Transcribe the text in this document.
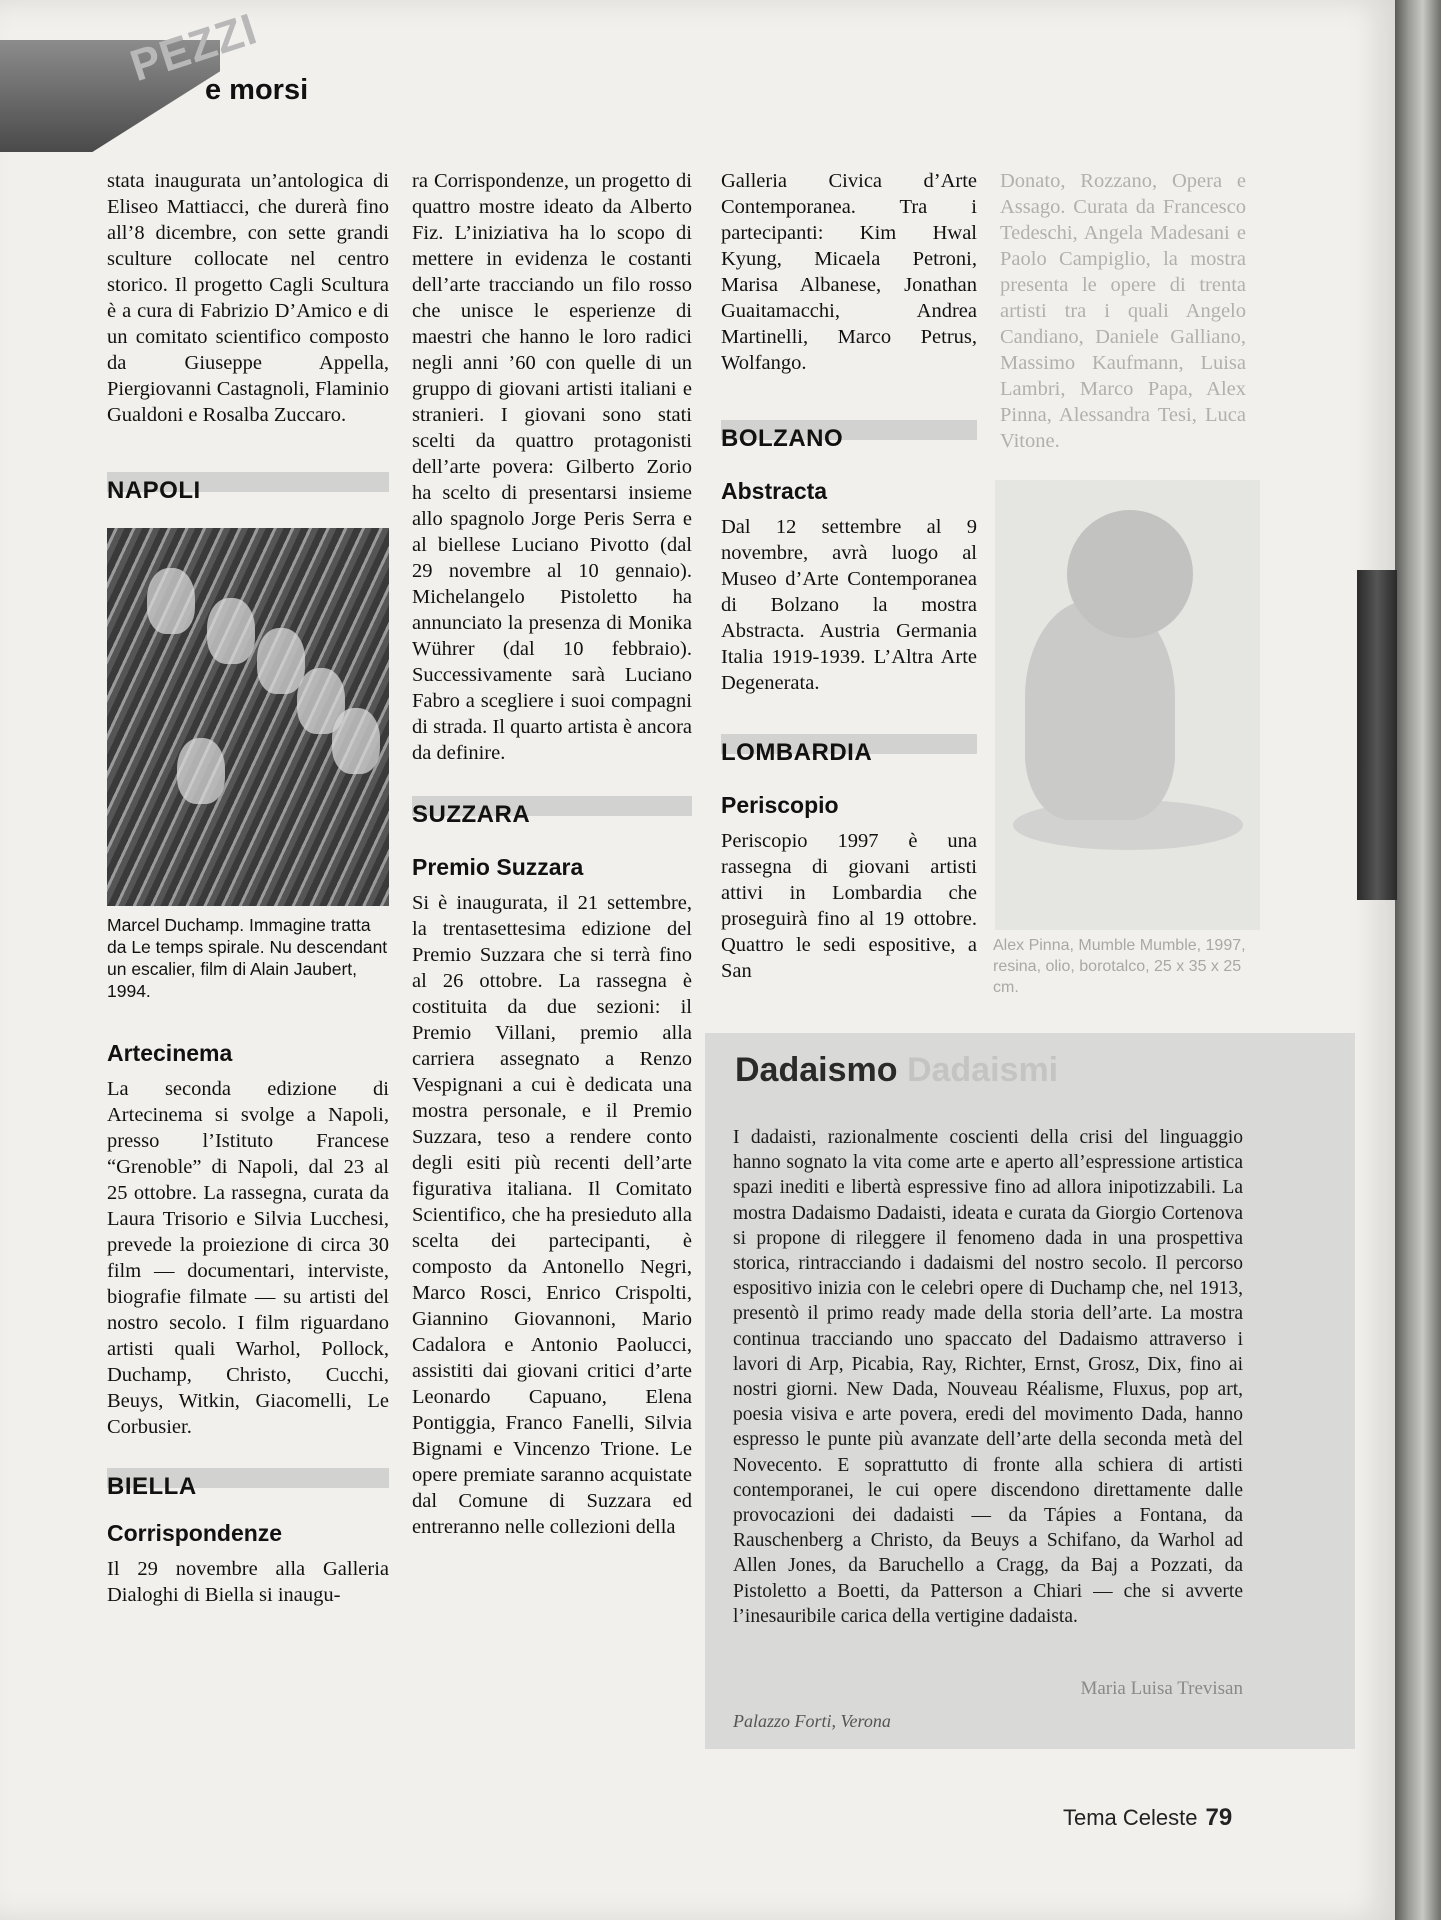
PEZZI
e morsi

stata inaugurata un’antologica di Eliseo Mattiacci, che durerà fino all’8 dicembre, con sette grandi sculture collocate nel centro storico. Il progetto Cagli Scultura è a cura di Fabrizio D’Amico e di un comitato scientifico composto da Giuseppe Appella, Piergiovanni Castagnoli, Flaminio Gualdoni e Rosalba Zuccaro.

NAPOLI
Marcel Duchamp. Immagine tratta da Le temps spirale. Nu descendant un escalier, film di Alain Jaubert, 1994.
Artecinema

La seconda edizione di Artecinema si svolge a Napoli, presso l’Istituto Francese “Grenoble” di Napoli, dal 23 al 25 ottobre. La rassegna, curata da Laura Trisorio e Silvia Lucchesi, prevede la proiezione di circa 30 film — documentari, interviste, biografie filmate — su artisti del nostro secolo. I film riguardano artisti quali Warhol, Pollock, Duchamp, Christo, Cucchi, Beuys, Witkin, Giacomelli, Le Corbusier.

BIELLA
Corrispondenze

Il 29 novembre alla Galleria Dialoghi di Biella si inaugu-

ra Corrispondenze, un progetto di quattro mostre ideato da Alberto Fiz. L’iniziativa ha lo scopo di mettere in evidenza le costanti dell’arte tracciando un filo rosso che unisce le esperienze di maestri che hanno le loro radici negli anni ’60 con quelle di un gruppo di giovani artisti italiani e stranieri. I giovani sono stati scelti da quattro protagonisti dell’arte povera: Gilberto Zorio ha scelto di presentarsi insieme allo spagnolo Jorge Peris Serra e al biellese Luciano Pivotto (dal 29 novembre al 10 gennaio). Michelangelo Pistoletto ha annunciato la presenza di Monika Wührer (dal 10 febbraio). Successivamente sarà Luciano Fabro a scegliere i suoi compagni di strada. Il quarto artista è ancora da definire.

SUZZARA
Premio Suzzara

Si è inaugurata, il 21 settembre, la trentasettesima edizione del Premio Suzzara che si terrà fino al 26 ottobre. La rassegna è costituita da due sezioni: il Premio Villani, premio alla carriera assegnato a Renzo Vespignani a cui è dedicata una mostra personale, e il Premio Suzzara, teso a rendere conto degli esiti più recenti dell’arte figurativa italiana. Il Comitato Scientifico, che ha presieduto alla scelta dei partecipanti, è composto da Antonello Negri, Marco Rosci, Enrico Crispolti, Giannino Giovannoni, Mario Cadalora e Antonio Paolucci, assistiti dai giovani critici d’arte Leonardo Capuano, Elena Pontiggia, Franco Fanelli, Silvia Bignami e Vincenzo Trione. Le opere premiate saranno acquistate dal Comune di Suzzara ed entreranno nelle collezioni della

Galleria Civica d’Arte Contemporanea. Tra i partecipanti: Kim Hwal Kyung, Micaela Petroni, Marisa Albanese, Jonathan Guaitamacchi, Andrea Martinelli, Marco Petrus, Wolfango.

BOLZANO
Abstracta

Dal 12 settembre al 9 novembre, avrà luogo al Museo d’Arte Contemporanea di Bolzano la mostra Abstracta. Austria Germania Italia 1919-1939. L’Altra Arte Degenerata.

LOMBARDIA
Periscopio

Periscopio 1997 è una rassegna di giovani artisti attivi in Lombardia che proseguirà fino al 19 ottobre. Quattro le sedi espositive, a San

Donato, Rozzano, Opera e Assago. Curata da Francesco Tedeschi, Angela Madesani e Paolo Campiglio, la mostra presenta le opere di trenta artisti tra i quali Angelo Candiano, Daniele Galliano, Massimo Kaufmann, Luisa Lambri, Marco Papa, Alex Pinna, Alessandra Tesi, Luca Vitone.

Alex Pinna, Mumble Mumble, 1997, resina, olio, borotalco, 25 x 35 x 25 cm.
Dadaismo Dadaismi
I dadaisti, razionalmente coscienti della crisi del linguaggio hanno sognato la vita come arte e aperto all’espressione artistica spazi inediti e libertà espressive fino ad allora inipotizzabili. La mostra Dadaismo Dadaisti, ideata e curata da Giorgio Cortenova si propone di rileggere il fenomeno dada in una prospettiva storica, rintracciando i dadaismi del nostro secolo. Il percorso espositivo inizia con le celebri opere di Duchamp che, nel 1913, presentò il primo ready made della storia dell’arte. La mostra continua tracciando uno spaccato del Dadaismo attraverso i lavori di Arp, Picabia, Ray, Richter, Ernst, Grosz, Dix, fino ai nostri giorni. New Dada, Nouveau Réalisme, Fluxus, pop art, poesia visiva e arte povera, eredi del movimento Dada, hanno espresso le punte più avanzate dell’arte della seconda metà del Novecento. E soprattutto di fronte alla schiera di artisti contemporanei, le cui opere discendono direttamente dalle provocazioni dei dadaisti — da Tápies a Fontana, da Rauschenberg a Christo, da Beuys a Schifano, da Warhol ad Allen Jones, da Baruchello a Cragg, da Baj a Pozzati, da Pistoletto a Boetti, da Patterson a Chiari — che si avverte l’inesauribile carica della vertigine dadaista.
Maria Luisa Trevisan
Palazzo Forti, Verona
Tema Celeste 79
